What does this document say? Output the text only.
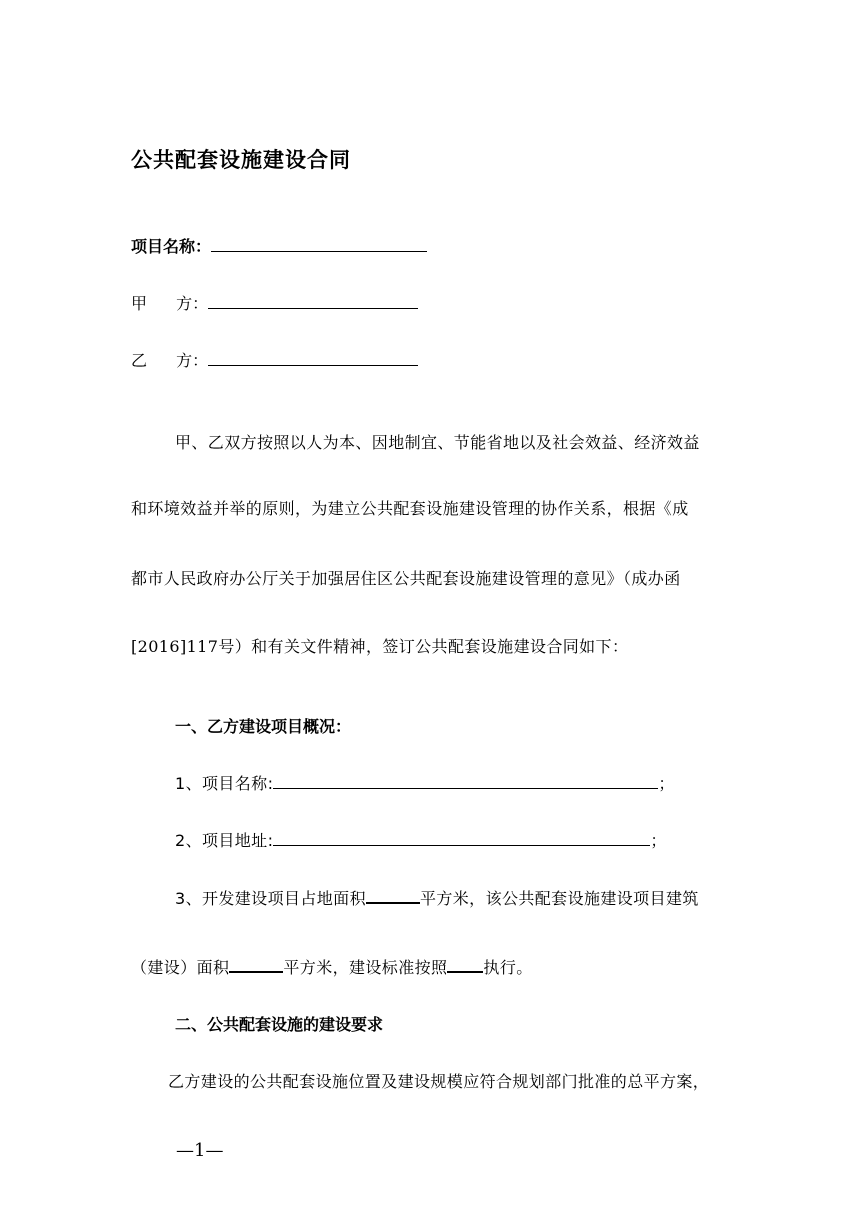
公共配套设施建设合同
项目名称：
甲 方：
乙 方：
甲、乙双方按照以人为本、因地制宜、节能省地以及社会效益、经济效益
和环境效益并举的原则，为建立公共配套设施建设管理的协作关系，根据《成
都市人民政府办公厅关于加强居住区公共配套设施建设管理的意见》（成办函
[2016]117号）和有关文件精神，签订公共配套设施建设合同如下：
一、乙方建设项目概况：
1、项目名称:	；
2、项目地址:	；
3、开发建设项目占地面积	平方米，该公共配套设施建设项目建筑
（建设）面积	平方米，建设标准按照 执行。
二、公共配套设施的建设要求
乙方建设的公共配套设施位置及建设规模应符合规划部门批准的总平方案，
—1—
